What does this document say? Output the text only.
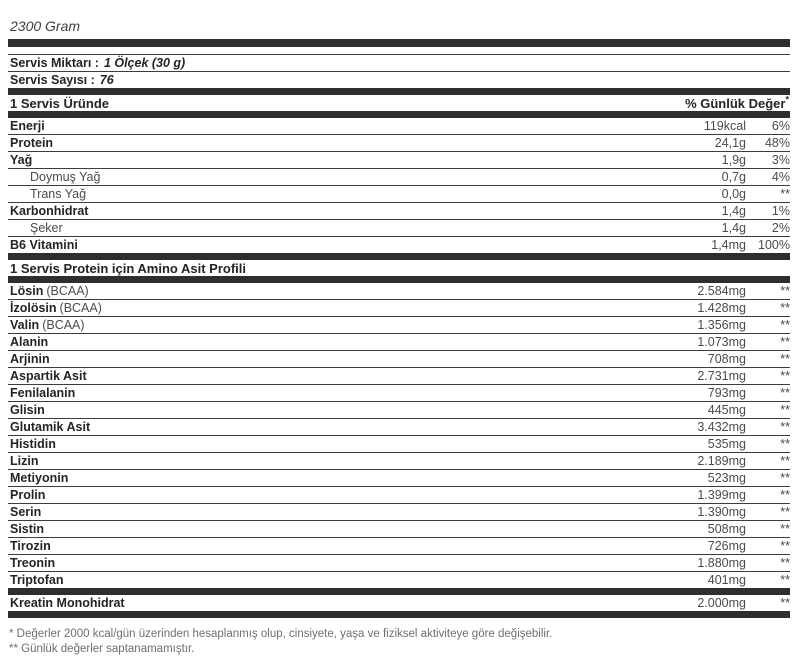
2300 Gram
Servis Miktarı : 1 Ölçek (30 g)
Servis Sayısı : 76
1 Servis Üründe	% Günlük Değer*
Enerji	119kcal	6%
Protein	24,1g	48%
Yağ	1,9g	3%
Doymuş Yağ	0,7g	4%
Trans Yağ	0,0g	**
Karbonhidrat	1,4g	1%
Şeker	1,4g	2%
B6 Vitamini	1,4mg 100%
1 Servis Protein için Amino Asit Profili
Lösin (BCAA)	2.584mg	**
İzolösin (BCAA)	1.428mg	**
Valin (BCAA)	1.356mg	**
Alanin	1.073mg	**
Arjinin	708mg	**
Aspartik Asit	2.731mg	**
Fenilalanin	793mg	**
Glisin	445mg	**
Glutamik Asit	3.432mg	**
Histidin	535mg	**
Lizin	2.189mg	**
Metiyonin	523mg	**
Prolin	1.399mg	**
Serin	1.390mg	**
Sistin	508mg	**
Tirozin	726mg	**
Treonin	1.880mg	**
Triptofan	401mg	**
Kreatin Monohidrat	2.000mg	**
* Değerler 2000 kcal/gün üzerinden hesaplanmış olup, cinsiyete, yaşa ve fiziksel aktiviteye göre değişebilir.
** Günlük değerler saptanamamıştır.
